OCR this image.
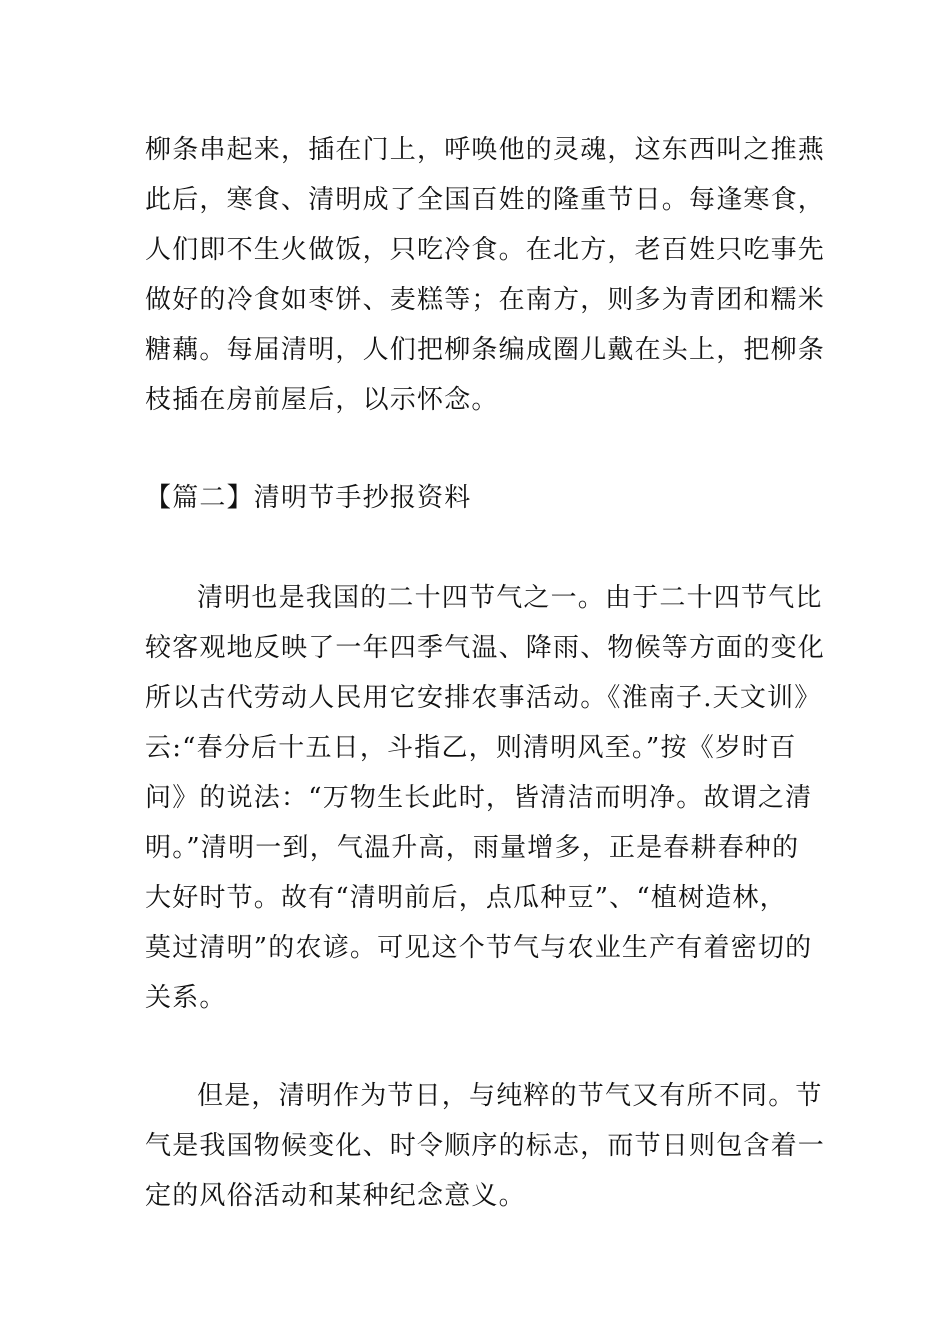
柳条串起来，插在门上，呼唤他的灵魂，这东西叫之推燕
此后，寒食、清明成了全国百姓的隆重节日。每逢寒食，
人们即不生火做饭，只吃冷食。在北方，老百姓只吃事先
做好的冷食如枣饼、麦糕等；在南方，则多为青团和糯米
糖藕。每届清明，人们把柳条编成圈儿戴在头上，把柳条
枝插在房前屋后，以示怀念。
【篇二】清明节手抄报资料
清明也是我国的二十四节气之一。由于二十四节气比
较客观地反映了一年四季气温、降雨、物候等方面的变化
所以古代劳动人民用它安排农事活动。《淮南子.天文训》
云:“春分后十五日，斗指乙，则清明风至。”按《岁时百
问》的说法：“万物生长此时，皆清洁而明净。故谓之清
明。”清明一到，气温升高，雨量增多，正是春耕春种的
大好时节。故有“清明前后，点瓜种豆”、“植树造林，
莫过清明”的农谚。可见这个节气与农业生产有着密切的
关系。
但是，清明作为节日，与纯粹的节气又有所不同。节
气是我国物候变化、时令顺序的标志，而节日则包含着一
定的风俗活动和某种纪念意义。
